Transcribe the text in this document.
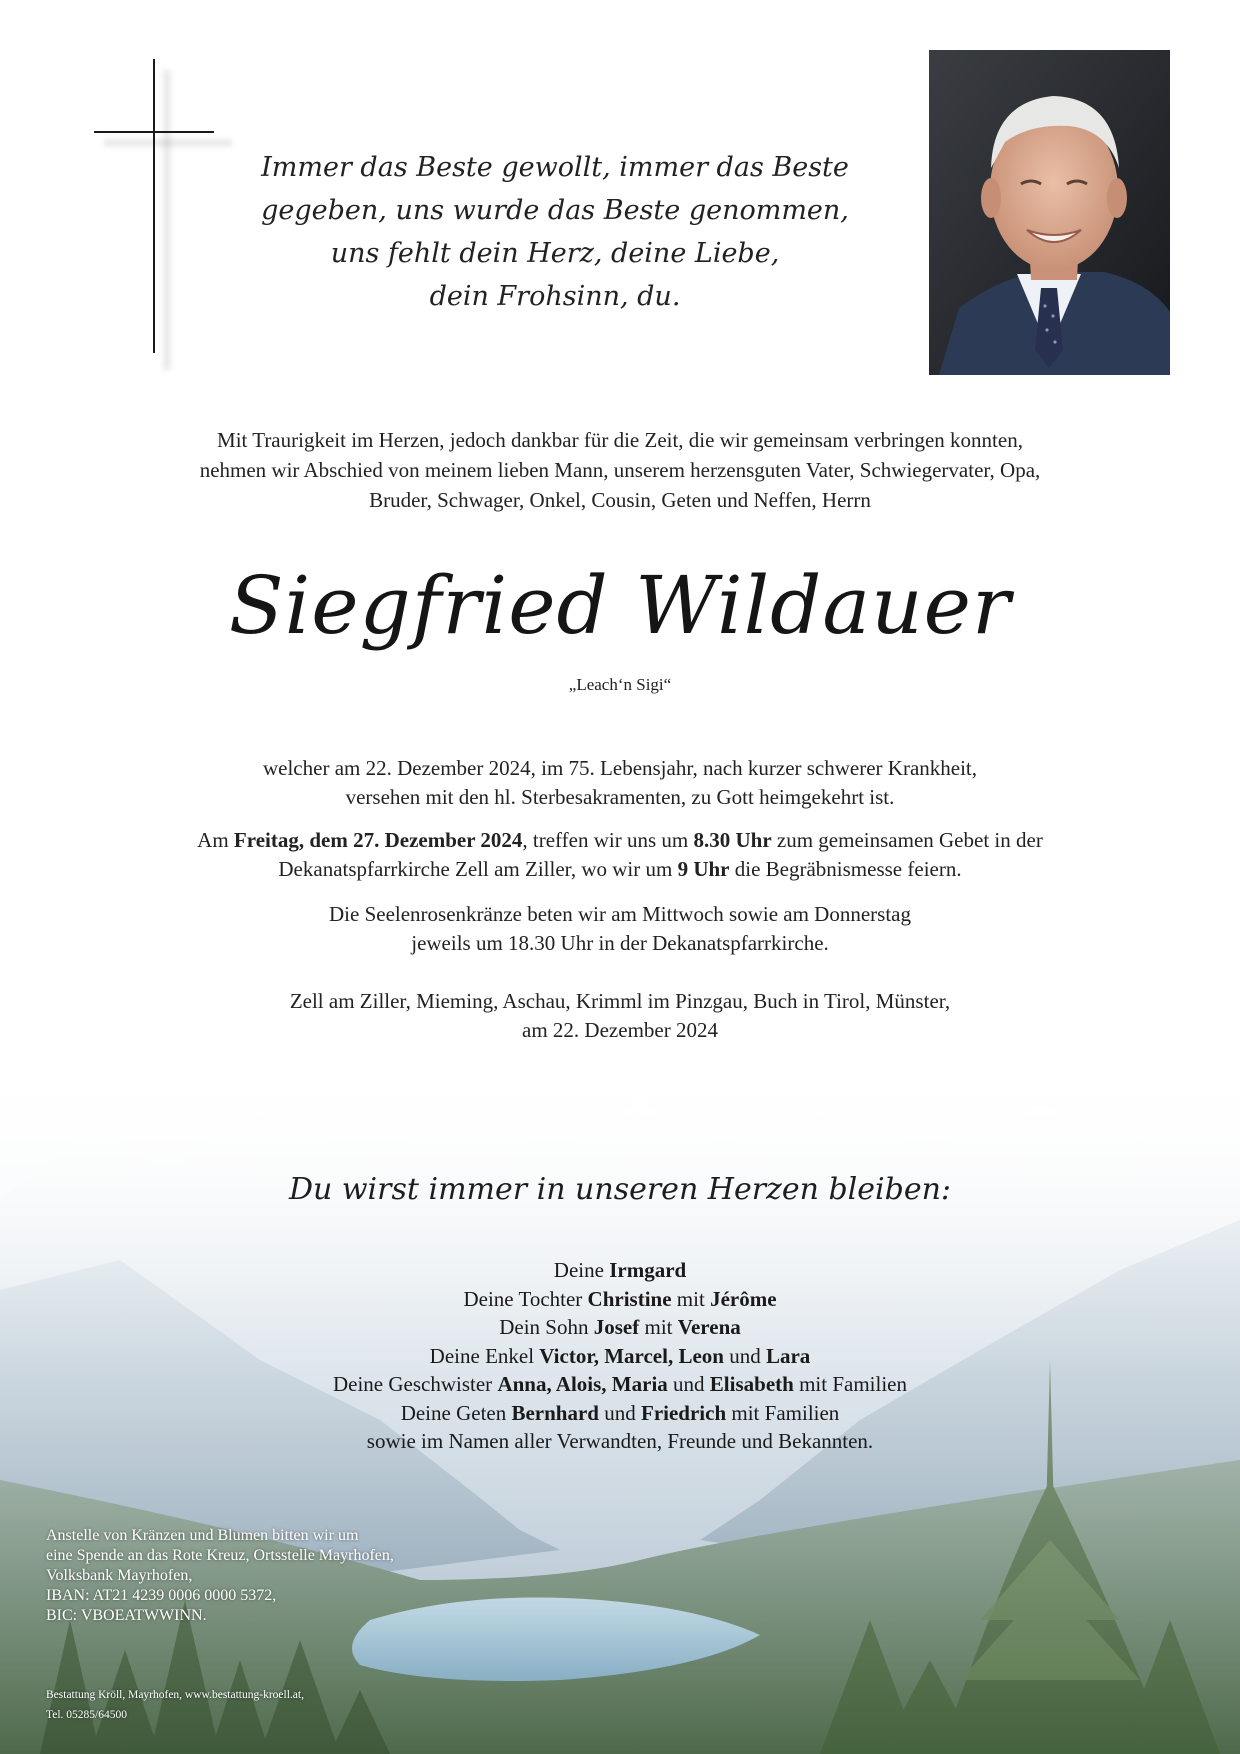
Immer das Beste gewollt, immer das Beste
gegeben, uns wurde das Beste genommen,
uns fehlt dein Herz, deine Liebe,
dein Frohsinn, du.
Mit Traurigkeit im Herzen, jedoch dankbar für die Zeit, die wir gemeinsam verbringen konnten,
nehmen wir Abschied von meinem lieben Mann, unserem herzensguten Vater, Schwiegervater, Opa,
Bruder, Schwager, Onkel, Cousin, Geten und Neffen, Herrn
Siegfried Wildauer
„Leach‘n Sigi“
welcher am 22. Dezember 2024, im 75. Lebensjahr, nach kurzer schwerer Krankheit,
versehen mit den hl. Sterbesakramenten, zu Gott heimgekehrt ist.
Am Freitag, dem 27. Dezember 2024, treffen wir uns um 8.30 Uhr zum gemeinsamen Gebet in der
Dekanatspfarrkirche Zell am Ziller, wo wir um 9 Uhr die Begräbnismesse feiern.
Die Seelenrosenkränze beten wir am Mittwoch sowie am Donnerstag
jeweils um 18.30 Uhr in der Dekanatspfarrkirche.
Zell am Ziller, Mieming, Aschau, Krimml im Pinzgau, Buch in Tirol, Münster,
am 22. Dezember 2024
Du wirst immer in unseren Herzen bleiben:
Deine Irmgard
Deine Tochter Christine mit Jérôme
Dein Sohn Josef mit Verena
Deine Enkel Victor, Marcel, Leon und Lara
Deine Geschwister Anna, Alois, Maria und Elisabeth mit Familien
Deine Geten Bernhard und Friedrich mit Familien
sowie im Namen aller Verwandten, Freunde und Bekannten.
Anstelle von Kränzen und Blumen bitten wir um
eine Spende an das Rote Kreuz, Ortsstelle Mayrhofen,
Volksbank Mayrhofen,
IBAN: AT21 4239 0006 0000 5372,
BIC: VBOEATWWINN.
Bestattung Kröll, Mayrhofen, www.bestattung-kroell.at,
Tel. 05285/64500
